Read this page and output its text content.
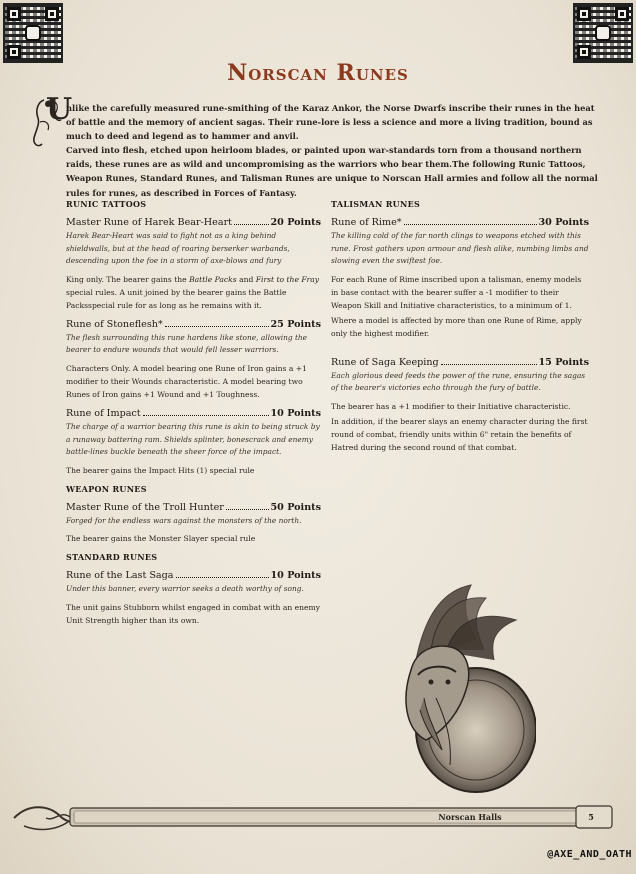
Norscan Runes
U

nlike the carefully measured rune-smithing of the Karaz Ankor, the Norse Dwarfs inscribe their runes in the heat of battle and the memory of ancient sagas. Their rune-lore is less a science and more a living tradition, bound as much to deed and legend as to hammer and anvil.

Carved into flesh, etched upon heirloom blades, or painted upon war-standards torn from a thousand northern raids, these runes are as wild and uncompromising as the warriors who bear them.The following Runic Tattoos, Weapon Runes, Standard Runes, and Talisman Runes are unique to Norscan Hall armies and follow all the normal rules for runes, as described in Forces of Fantasy.

RUNIC TATTOOS
Master Rune of Harek Bear-Heart	20 Points

Harek Bear-Heart was said to fight not as a king behind shieldwalls, but at the head of roaring berserker warbands, descending upon the foe in a storm of axe-blows and fury

King only. The bearer gains the Battle Packs and First to the Fray special rules. A unit joined by the bearer gains the Battle Packsspecial rule for as long as he remains with it.

Rune of Stoneflesh*	25 Points

The flesh surrounding this rune hardens like stone, allowing the bearer to endure wounds that would fell lesser warriors.

Characters Only. A model bearing one Rune of Iron gains a +1 modifier to their Wounds characteristic. A model bearing two Runes of Iron gains +1 Wound and +1 Toughness.

Rune of Impact	10 Points

The charge of a warrior bearing this rune is akin to being struck by a runaway battering ram. Shields splinter, bonescrack and enemy battle-lines buckle beneath the sheer force of the impact.

The bearer gains the Impact Hits (1) special rule

WEAPON RUNES
Master Rune of the Troll Hunter	50 Points

Forged for the endless wars against the monsters of the north.

The bearer gains the Monster Slayer special rule

STANDARD RUNES
Rune of the Last Saga	10 Points

Under this banner, every warrior seeks a death worthy of song.

The unit gains Stubborn whilst engaged in combat with an enemy Unit Strength higher than its own.

TALISMAN RUNES
Rune of Rime*	30 Points

The killing cold of the far north clings to weapons etched with this rune. Frost gathers upon armour and flesh alike, numbing limbs and slowing even the swiftest foe.

For each Rune of Rime inscribed upon a talisman, enemy models in base contact with the bearer suffer a -1 modifier to their Weapon Skill and Initiative characteristics, to a minimum of 1.

Where a model is affected by more than one Rune of Rime, apply only the highest modifier.

Rune of Saga Keeping	15 Points

Each glorious deed feeds the power of the rune, ensuring the sagas of the bearer's victories echo through the fury of battle.

The bearer has a +1 modifier to their Initiative characteristic.

In addition, if the bearer slays an enemy character during the first round of combat, friendly units within 6" retain the benefits of Hatred during the second round of that combat.

Norscan Halls	5
@AXE_AND_OATH
